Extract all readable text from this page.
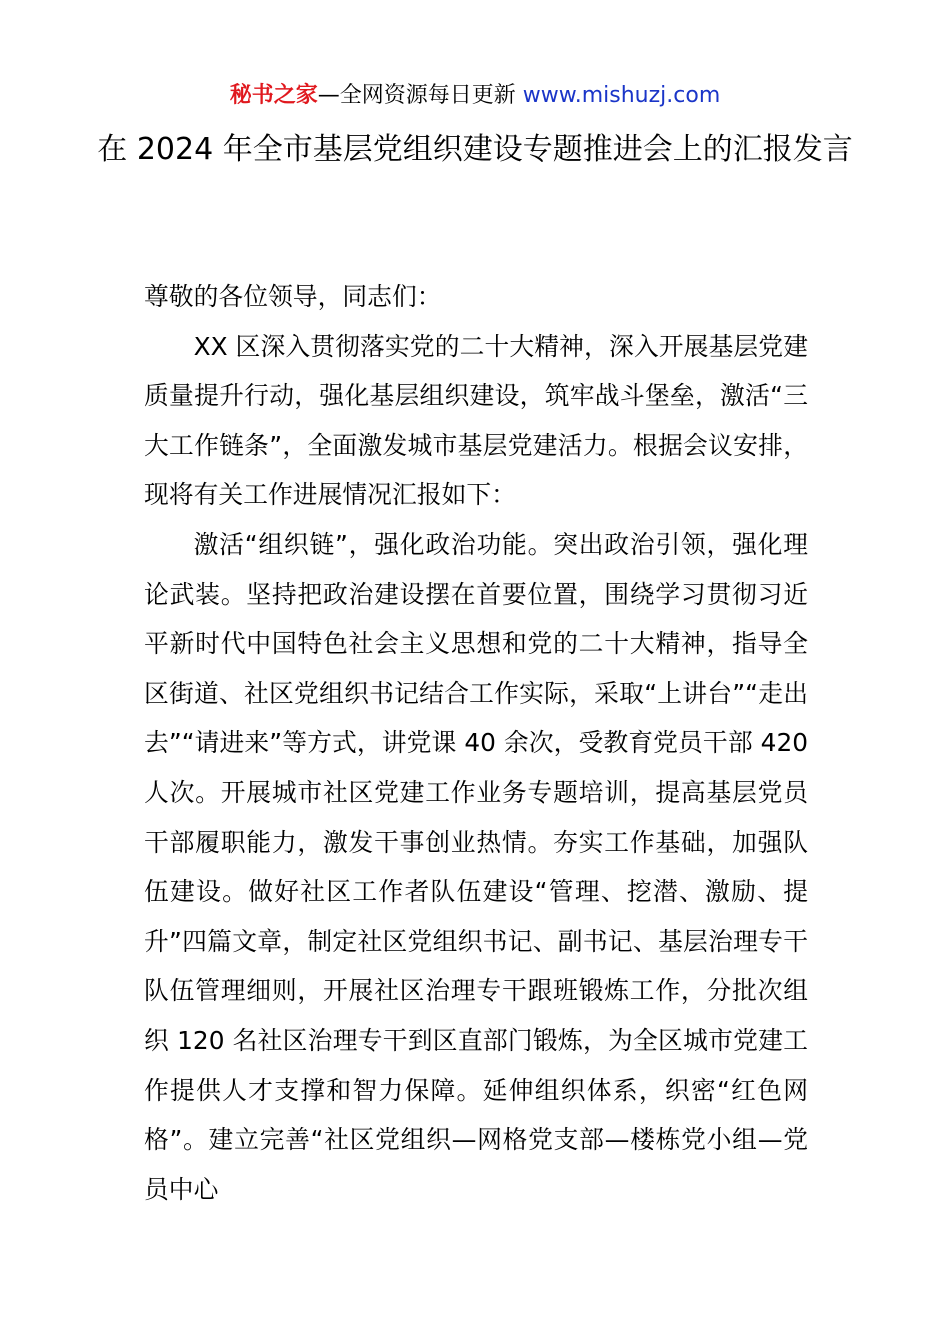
秘书之家—全网资源每日更新 www.mishuzj.com
在 2024 年全市基层党组织建设专题推进会上的汇报发言

尊敬的各位领导，同志们：

XX 区深入贯彻落实党的二十大精神，深入开展基层党建质量提升行动，强化基层组织建设，筑牢战斗堡垒，激活“三大工作链条”，全面激发城市基层党建活力。根据会议安排，现将有关工作进展情况汇报如下：

激活“组织链”，强化政治功能。突出政治引领，强化理论武装。坚持把政治建设摆在首要位置，围绕学习贯彻习近平新时代中国特色社会主义思想和党的二十大精神，指导全区街道、社区党组织书记结合工作实际，采取“上讲台”“走出去”“请进来”等方式，讲党课 40 余次，受教育党员干部 420 人次。开展城市社区党建工作业务专题培训，提高基层党员干部履职能力，激发干事创业热情。夯实工作基础，加强队伍建设。做好社区工作者队伍建设“管理、挖潜、激励、提升”四篇文章，制定社区党组织书记、副书记、基层治理专干队伍管理细则，开展社区治理专干跟班锻炼工作，分批次组织 120 名社区治理专干到区直部门锻炼，为全区城市党建工作提供人才支撑和智力保障。延伸组织体系，织密“红色网格”。建立完善“社区党组织—网格党支部—楼栋党小组—党员中心
